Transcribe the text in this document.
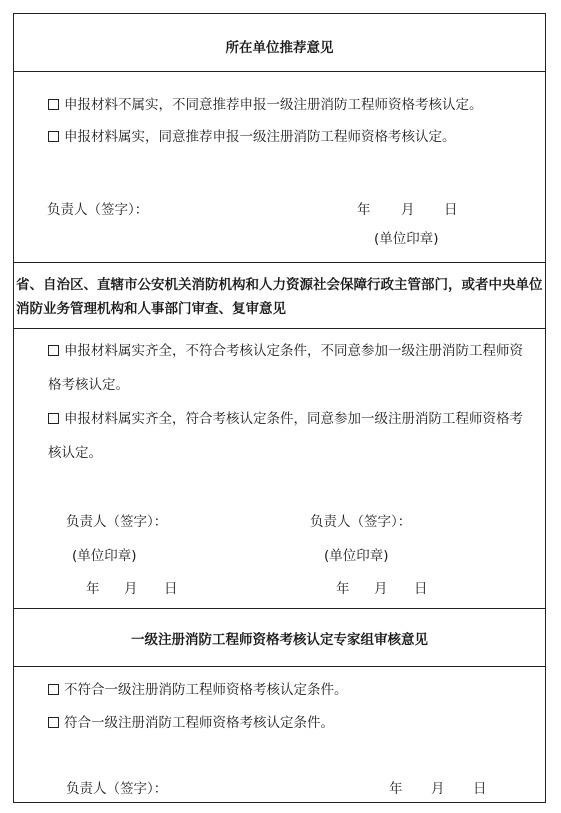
所在单位推荐意见
申报材料不属实，不同意推荐申报一级注册消防工程师资格考核认定。
申报材料属实，同意推荐申报一级注册消防工程师资格考核认定。
负责人（签字）：	年 月 日
(单位印章)
省、自治区、直辖市公安机关消防机构和人力资源社会保障行政主管部门，或者中央单位消防业务管理机构和人事部门审查、复审意见
申报材料属实齐全，不符合考核认定条件，不同意参加一级注册消防工程师资格考核认定。
申报材料属实齐全，符合考核认定条件，同意参加一级注册消防工程师资格考核认定。
负责人（签字）：	负责人（签字）：
(单位印章)	(单位印章)
年 月 日	年 月 日
一级注册消防工程师资格考核认定专家组审核意见
不符合一级注册消防工程师资格考核认定条件。
符合一级注册消防工程师资格考核认定条件。
负责人（签字）：	年 月 日
